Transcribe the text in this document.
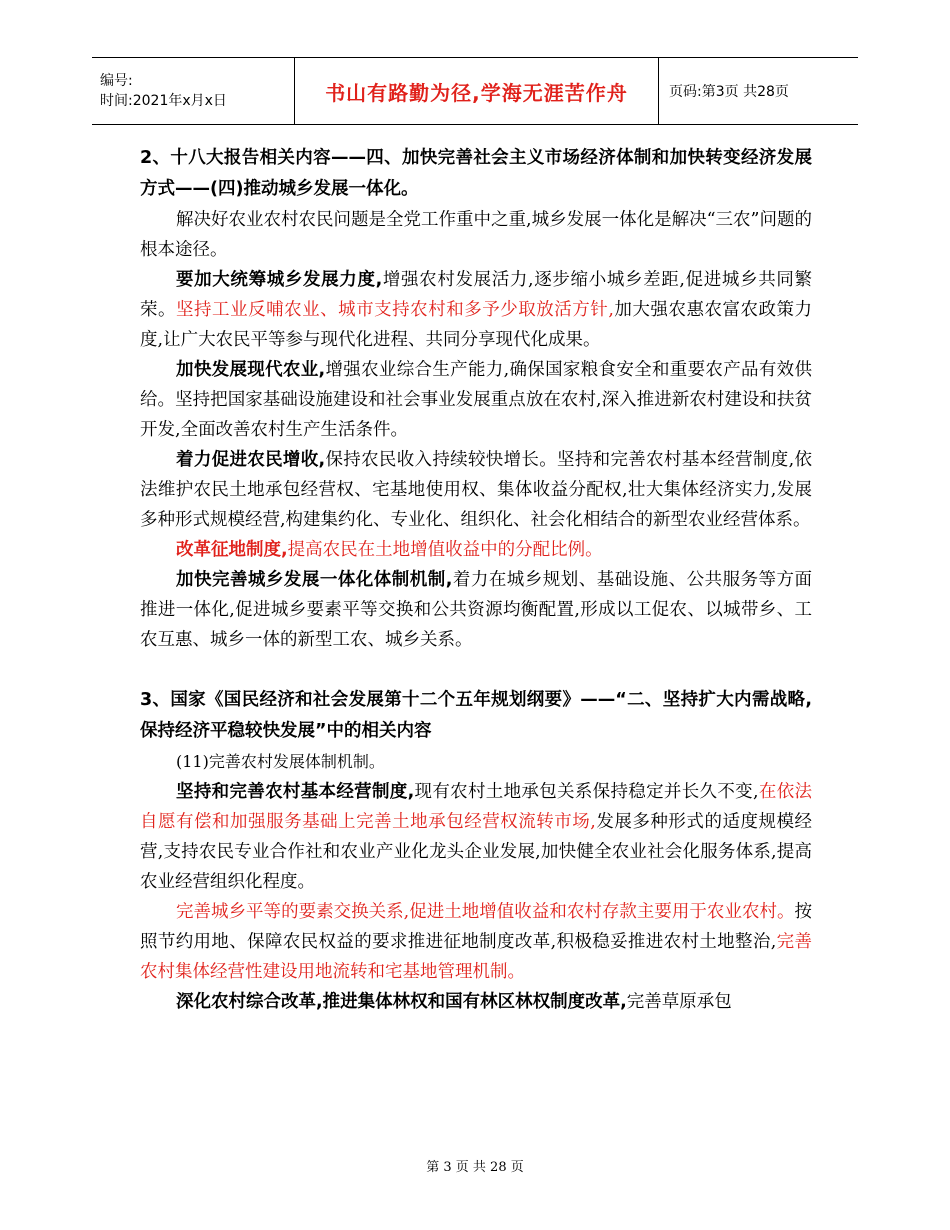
编号:
时间:2021年x月x日	书山有路勤为径,学海无涯苦作舟	页码:第3页 共28页

2、十八大报告相关内容——四、加快完善社会主义市场经济体制和加快转变经济发展方式——(四)推动城乡发展一体化。

解决好农业农村农民问题是全党工作重中之重,城乡发展一体化是解决“三农”问题的根本途径。

要加大统筹城乡发展力度,增强农村发展活力,逐步缩小城乡差距,促进城乡共同繁荣。坚持工业反哺农业、城市支持农村和多予少取放活方针,加大强农惠农富农政策力度,让广大农民平等参与现代化进程、共同分享现代化成果。

加快发展现代农业,增强农业综合生产能力,确保国家粮食安全和重要农产品有效供给。坚持把国家基础设施建设和社会事业发展重点放在农村,深入推进新农村建设和扶贫开发,全面改善农村生产生活条件。

着力促进农民增收,保持农民收入持续较快增长。坚持和完善农村基本经营制度,依法维护农民土地承包经营权、宅基地使用权、集体收益分配权,壮大集体经济实力,发展多种形式规模经营,构建集约化、专业化、组织化、社会化相结合的新型农业经营体系。

改革征地制度,提高农民在土地增值收益中的分配比例。

加快完善城乡发展一体化体制机制,着力在城乡规划、基础设施、公共服务等方面推进一体化,促进城乡要素平等交换和公共资源均衡配置,形成以工促农、以城带乡、工农互惠、城乡一体的新型工农、城乡关系。

3、国家《国民经济和社会发展第十二个五年规划纲要》——“二、坚持扩大内需战略,保持经济平稳较快发展”中的相关内容

(11)完善农村发展体制机制。

坚持和完善农村基本经营制度,现有农村土地承包关系保持稳定并长久不变,在依法自愿有偿和加强服务基础上完善土地承包经营权流转市场,发展多种形式的适度规模经营,支持农民专业合作社和农业产业化龙头企业发展,加快健全农业社会化服务体系,提高农业经营组织化程度。

完善城乡平等的要素交换关系,促进土地增值收益和农村存款主要用于农业农村。按照节约用地、保障农民权益的要求推进征地制度改革,积极稳妥推进农村土地整治,完善农村集体经营性建设用地流转和宅基地管理机制。

深化农村综合改革,推进集体林权和国有林区林权制度改革,完善草原承包

第 3 页 共 28 页
